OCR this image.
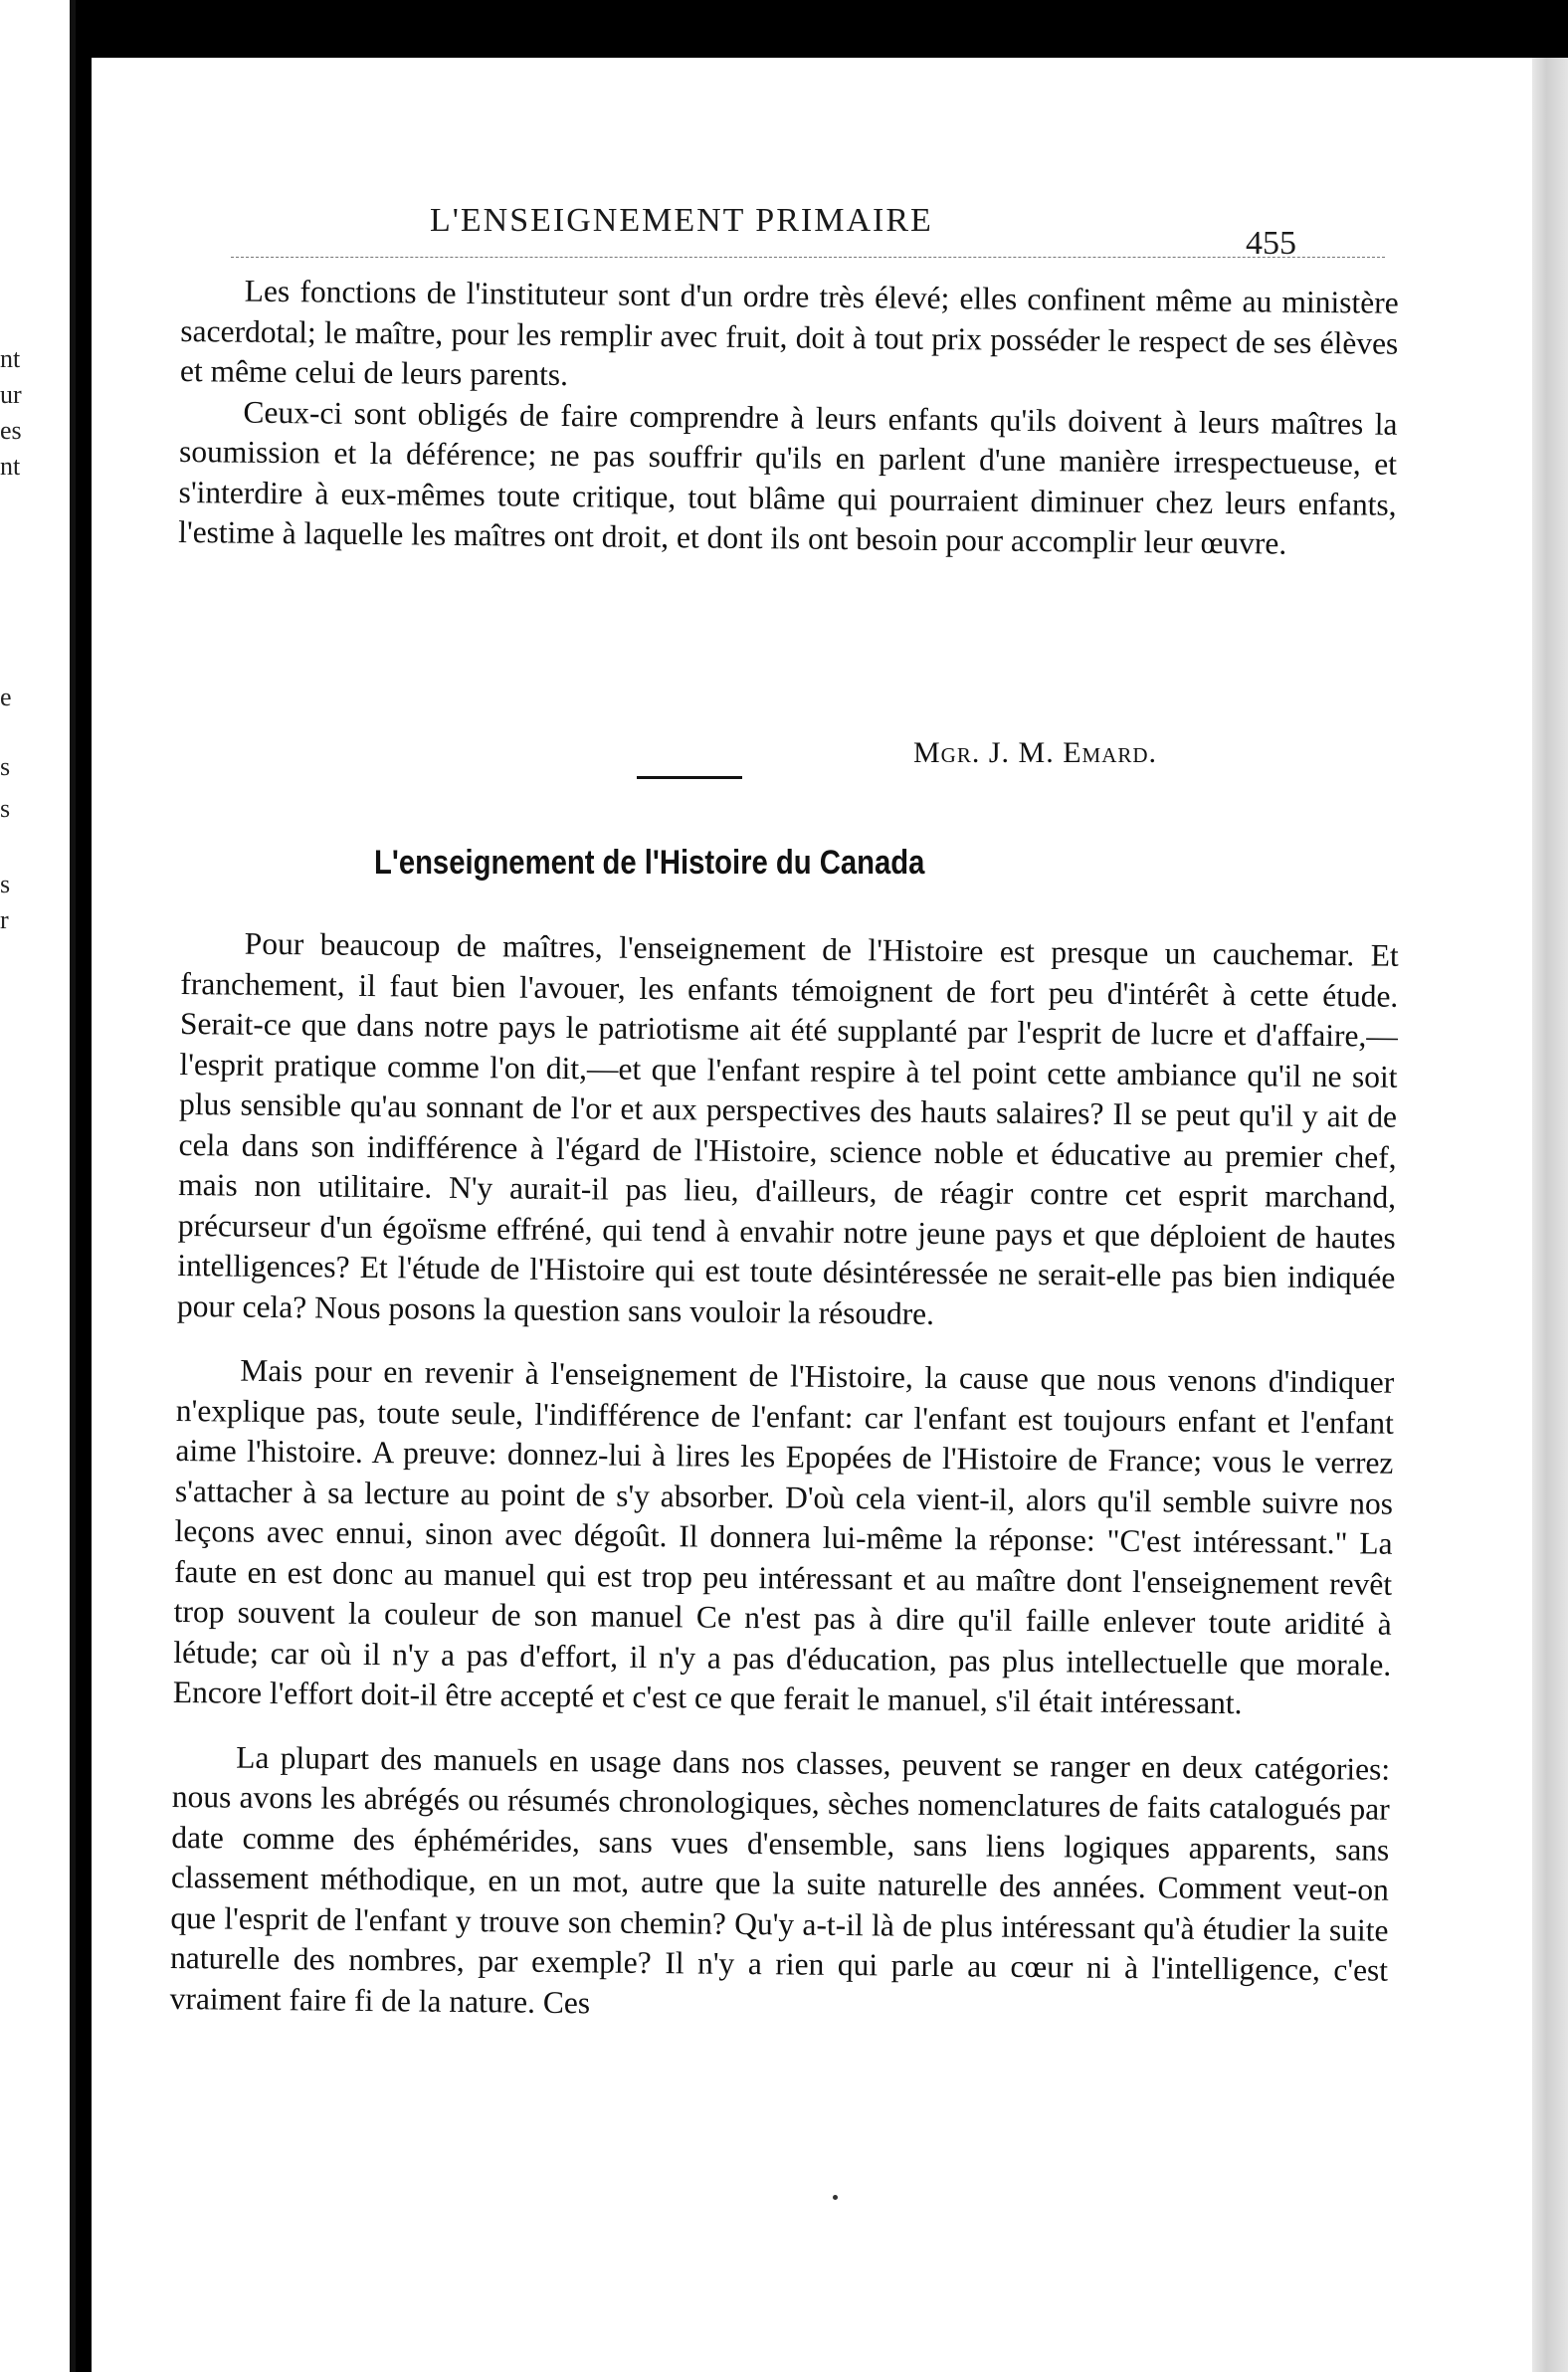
nt
ur
es
nt
e
s
s
s
r
L'ENSEIGNEMENT PRIMAIRE
455

Les fonctions de l'instituteur sont d'un ordre très élevé; elles confinent même au ministère sacerdotal; le maître, pour les remplir avec fruit, doit à tout prix posséder le respect de ses élèves et même celui de leurs parents.

Ceux-ci sont obligés de faire comprendre à leurs enfants qu'ils doivent à leurs maîtres la soumission et la déférence; ne pas souffrir qu'ils en parlent d'une manière irrespectueuse, et s'interdire à eux-mêmes toute critique, tout blâme qui pourraient diminuer chez leurs enfants, l'estime à laquelle les maîtres ont droit, et dont ils ont besoin pour accomplir leur œuvre.

Mgr. J. M. Emard.
L'enseignement de l'Histoire du Canada

Pour beaucoup de maîtres, l'enseignement de l'Histoire est presque un cauchemar. Et franchement, il faut bien l'avouer, les enfants témoignent de fort peu d'intérêt à cette étude. Serait-ce que dans notre pays le patriotisme ait été supplanté par l'esprit de lucre et d'affaire,—l'esprit pratique comme l'on dit,—et que l'enfant respire à tel point cette ambiance qu'il ne soit plus sensible qu'au sonnant de l'or et aux perspectives des hauts salaires? Il se peut qu'il y ait de cela dans son indifférence à l'égard de l'Histoire, science noble et éducative au premier chef, mais non utilitaire. N'y aurait-il pas lieu, d'ailleurs, de réagir contre cet esprit marchand, précurseur d'un égoïsme effréné, qui tend à envahir notre jeune pays et que déploient de hautes intelligences? Et l'étude de l'Histoire qui est toute désintéressée ne serait-elle pas bien indiquée pour cela? Nous posons la question sans vouloir la résoudre.

Mais pour en revenir à l'enseignement de l'Histoire, la cause que nous venons d'indiquer n'explique pas, toute seule, l'indifférence de l'enfant: car l'enfant est toujours enfant et l'enfant aime l'histoire. A preuve: donnez-lui à lires les Epopées de l'Histoire de France; vous le verrez s'attacher à sa lecture au point de s'y absorber. D'où cela vient-il, alors qu'il semble suivre nos leçons avec ennui, sinon avec dégoût. Il donnera lui-même la réponse: "C'est intéressant." La faute en est donc au manuel qui est trop peu intéressant et au maître dont l'enseignement revêt trop souvent la couleur de son manuel Ce n'est pas à dire qu'il faille enlever toute aridité à létude; car où il n'y a pas d'effort, il n'y a pas d'éducation, pas plus intellectuelle que morale. Encore l'effort doit-il être accepté et c'est ce que ferait le manuel, s'il était intéressant.

La plupart des manuels en usage dans nos classes, peuvent se ranger en deux catégories: nous avons les abrégés ou résumés chronologiques, sèches nomenclatures de faits catalogués par date comme des éphémérides, sans vues d'ensemble, sans liens logiques apparents, sans classement méthodique, en un mot, autre que la suite naturelle des années. Comment veut-on que l'esprit de l'enfant y trouve son chemin? Qu'y a-t-il là de plus intéressant qu'à étudier la suite naturelle des nombres, par exemple? Il n'y a rien qui parle au cœur ni à l'intelligence, c'est vraiment faire fi de la nature. Ces
